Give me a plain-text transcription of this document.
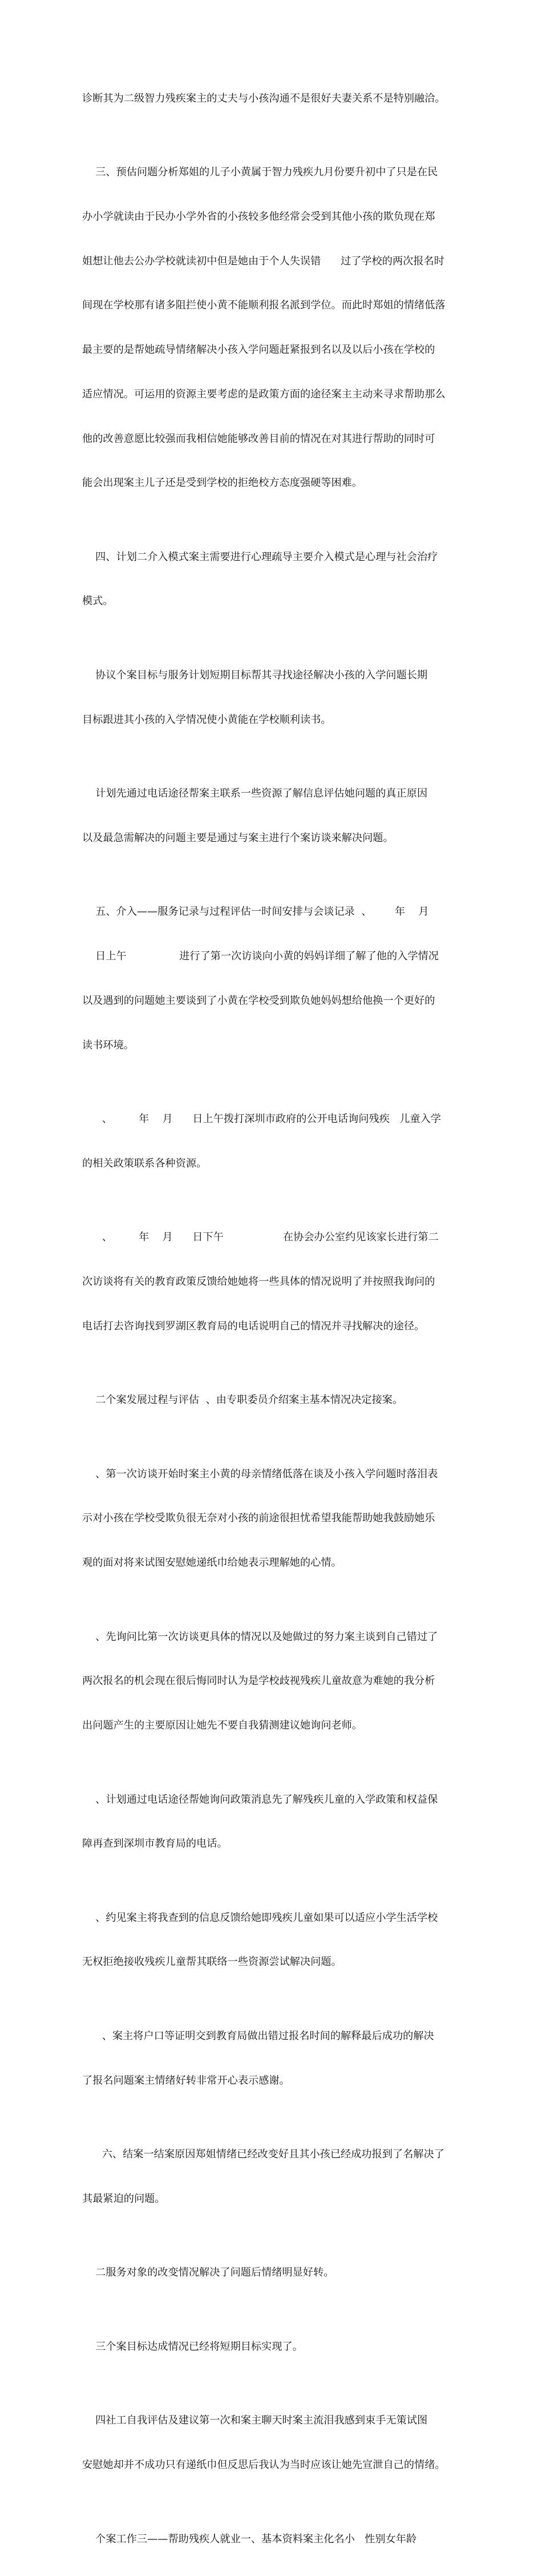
诊断其为二级智力残疾案主的丈夫与小孩沟通不是很好夫妻关系不是特别融洽。

三、预估问题分析郑姐的儿子小黄属于智力残疾九月份要升初中了只是在民

办小学就读由于民办小学外省的小孩较多他经常会受到其他小孩的欺负现在郑

姐想让他去公办学校就读初中但是她由于个人失误错      过了学校的两次报名时

间现在学校那有诸多阻拦使小黄不能顺利报名派到学位。而此时郑姐的情绪低落

最主要的是帮她疏导情绪解决小孩入学问题赶紧报到名以及以后小孩在学校的

适应情况。可运用的资源主要考虑的是政策方面的途径案主主动来寻求帮助那么

他的改善意愿比较强而我相信她能够改善目前的情况在对其进行帮助的同时可

能会出现案主儿子还是受到学校的拒绝校方态度强硬等困难。

四、计划二介入模式案主需要进行心理疏导主要介入模式是心理与社会治疗

模式。

协议个案目标与服务计划短期目标帮其寻找途径解决小孩的入学问题长期

目标跟进其小孩的入学情况使小黄能在学校顺利读书。

计划先通过电话途径帮案主联系一些资源了解信息评估她问题的真正原因

以及最急需解决的问题主要是通过与案主进行个案访谈来解决问题。

五、介入——服务记录与过程评估一时间安排与会谈记录  、       年    月

日上午                进行了第一次访谈向小黄的妈妈详细了解了他的入学情况

以及遇到的问题她主要谈到了小黄在学校受到欺负她妈妈想给他换一个更好的

读书环境。

、        年    月      日上午拨打深圳市政府的公开电话询问残疾   儿童入学

的相关政策联系各种资源。

、        年    月      日下午                  在协会办公室约见该家长进行第二

次访谈将有关的教育政策反馈给她她将一些具体的情况说明了并按照我询问的

电话打去咨询找到罗湖区教育局的电话说明自己的情况并寻找解决的途径。

二个案发展过程与评估  、由专职委员介绍案主基本情况决定接案。

、第一次访谈开始时案主小黄的母亲情绪低落在谈及小孩入学问题时落泪表

示对小孩在学校受欺负很无奈对小孩的前途很担忧希望我能帮助她我鼓励她乐

观的面对将来试图安慰她递纸巾给她表示理解她的心情。

、先询问比第一次访谈更具体的情况以及她做过的努力案主谈到自己错过了

两次报名的机会现在很后悔同时认为是学校歧视残疾儿童故意为难她的我分析

出问题产生的主要原因让她先不要自我猜测建议她询问老师。

、计划通过电话途径帮她询问政策消息先了解残疾儿童的入学政策和权益保

障再查到深圳市教育局的电话。

、约见案主将我查到的信息反馈给她即残疾儿童如果可以适应小学生活学校

无权拒绝接收残疾儿童帮其联络一些资源尝试解决问题。

、案主将户口等证明交到教育局做出错过报名时间的解释最后成功的解决

了报名问题案主情绪好转非常开心表示感谢。

六、结案一结案原因郑姐情绪已经改变好且其小孩已经成功报到了名解决了

其最紧迫的问题。

二服务对象的改变情况解决了问题后情绪明显好转。

三个案目标达成情况已经将短期目标实现了。

四社工自我评估及建议第一次和案主聊天时案主流泪我感到束手无策试图

安慰她却并不成功只有递纸巾但反思后我认为当时应该让她先宣泄自己的情绪。

个案工作三——帮助残疾人就业一、基本资料案主化名小   性别女年龄
